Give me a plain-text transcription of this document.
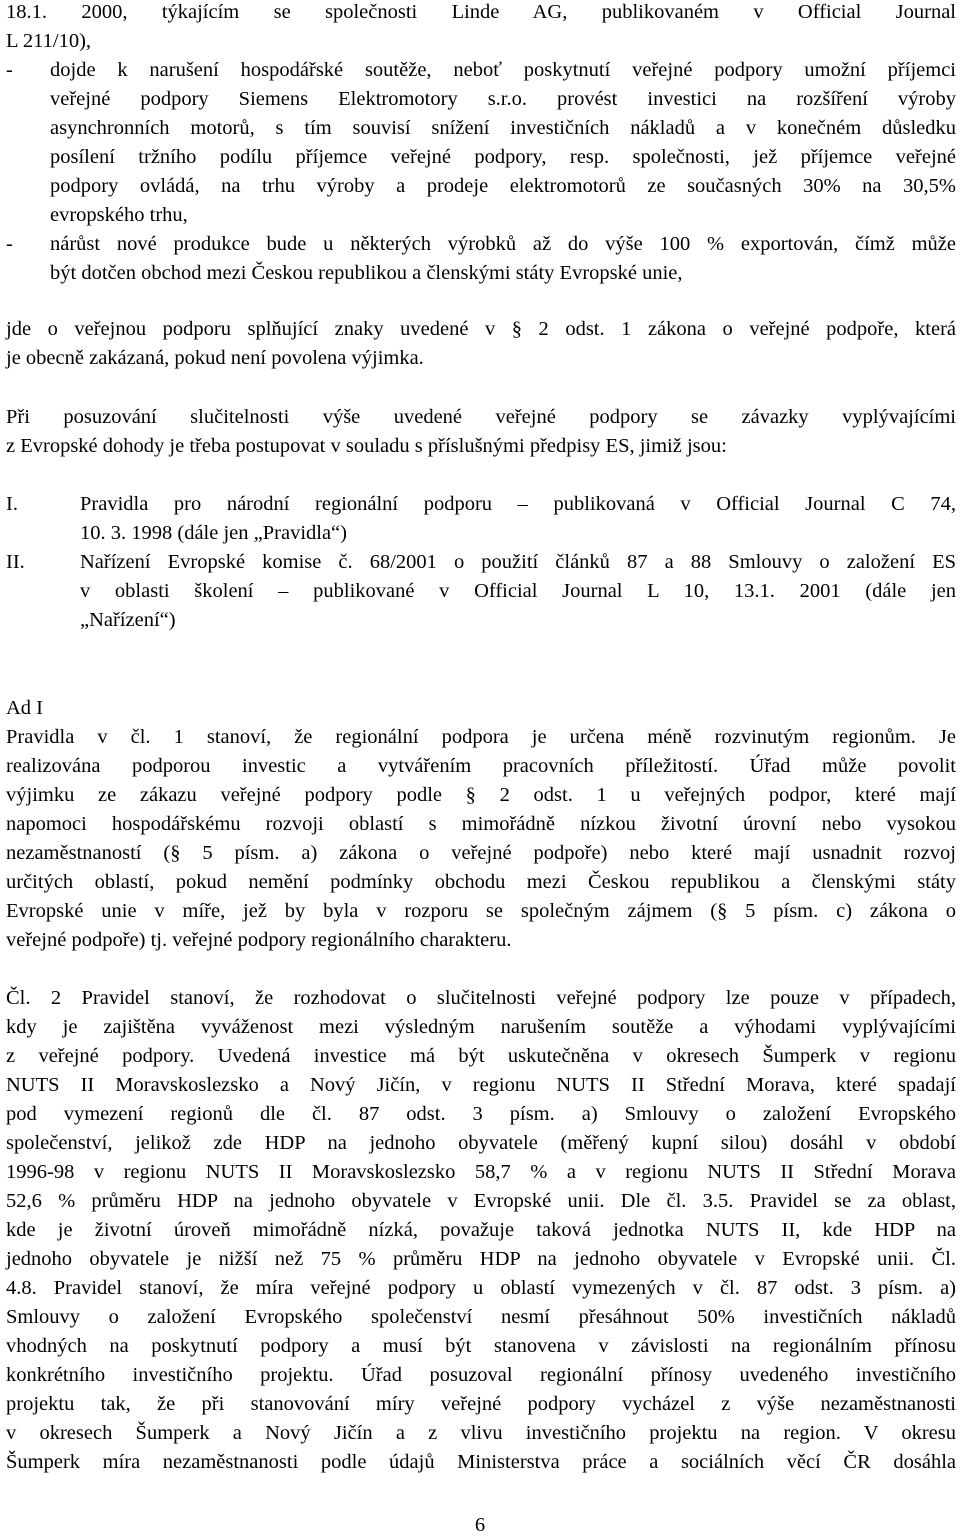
18.1. 2000, týkajícím se společnosti Linde AG, publikovaném v Official Journal
L 211/10),
- dojde k narušení hospodářské soutěže, neboť poskytnutí veřejné podpory umožní příjemci
veřejné podpory Siemens Elektromotory s.r.o. provést investici na rozšíření výroby
asynchronních motorů, s tím souvisí snížení investičních nákladů a v konečném důsledku
posílení tržního podílu příjemce veřejné podpory, resp. společnosti, jež příjemce veřejné
podpory ovládá, na trhu výroby a prodeje elektromotorů ze současných 30% na 30,5%
evropského trhu,
- nárůst nové produkce bude u některých výrobků až do výše 100 % exportován, čímž může
být dotčen obchod mezi Českou republikou a členskými státy Evropské unie,
jde o veřejnou podporu splňující znaky uvedené v § 2 odst. 1 zákona o veřejné podpoře, která
je obecně zakázaná, pokud není povolena výjimka.
Při posuzování slučitelnosti výše uvedené veřejné podpory se závazky vyplývajícími
z Evropské dohody je třeba postupovat v souladu s příslušnými předpisy ES, jimiž jsou:
I.	Pravidla pro národní regionální podporu – publikovaná v Official Journal C 74,
10. 3. 1998 (dále jen „Pravidla“)
II.	Nařízení Evropské komise č. 68/2001 o použití článků 87 a 88 Smlouvy o založení ES
v oblasti školení – publikované v Official Journal L 10, 13.1. 2001 (dále jen
„Nařízení“)
Ad I
Pravidla v čl. 1 stanoví, že regionální podpora je určena méně rozvinutým regionům. Je
realizována podporou investic a vytvářením pracovních příležitostí. Úřad může povolit
výjimku ze zákazu veřejné podpory podle § 2 odst. 1 u veřejných podpor, které mají
napomoci hospodářskému rozvoji oblastí s mimořádně nízkou životní úrovní nebo vysokou
nezaměstnaností (§ 5 písm. a) zákona o veřejné podpoře) nebo které mají usnadnit rozvoj
určitých oblastí, pokud nemění podmínky obchodu mezi Českou republikou a členskými státy
Evropské unie v míře, jež by byla v rozporu se společným zájmem (§ 5 písm. c) zákona o
veřejné podpoře) tj. veřejné podpory regionálního charakteru.
Čl. 2 Pravidel stanoví, že rozhodovat o slučitelnosti veřejné podpory lze pouze v případech,
kdy je zajištěna vyváženost mezi výsledným narušením soutěže a výhodami vyplývajícími
z veřejné podpory. Uvedená investice má být uskutečněna v okresech Šumperk v regionu
NUTS II Moravskoslezsko a Nový Jičín, v regionu NUTS II Střední Morava, které spadají
pod vymezení regionů dle čl. 87 odst. 3 písm. a) Smlouvy o založení Evropského
společenství, jelikož zde HDP na jednoho obyvatele (měřený kupní silou) dosáhl v období
1996-98 v regionu NUTS II Moravskoslezsko 58,7 % a v regionu NUTS II Střední Morava
52,6 % průměru HDP na jednoho obyvatele v Evropské unii. Dle čl. 3.5. Pravidel se za oblast,
kde je životní úroveň mimořádně nízká, považuje taková jednotka NUTS II, kde HDP na
jednoho obyvatele je nižší než 75 % průměru HDP na jednoho obyvatele v Evropské unii. Čl.
4.8. Pravidel stanoví, že míra veřejné podpory u oblastí vymezených v čl. 87 odst. 3 písm. a)
Smlouvy o založení Evropského společenství nesmí přesáhnout 50% investičních nákladů
vhodných na poskytnutí podpory a musí být stanovena v závislosti na regionálním přínosu
konkrétního investičního projektu. Úřad posuzoval regionální přínosy uvedeného investičního
projektu tak, že při stanovování míry veřejné podpory vycházel z výše nezaměstnanosti
v okresech Šumperk a Nový Jičín a z vlivu investičního projektu na region. V okresu
Šumperk míra nezaměstnanosti podle údajů Ministerstva práce a sociálních věcí ČR dosáhla
6
